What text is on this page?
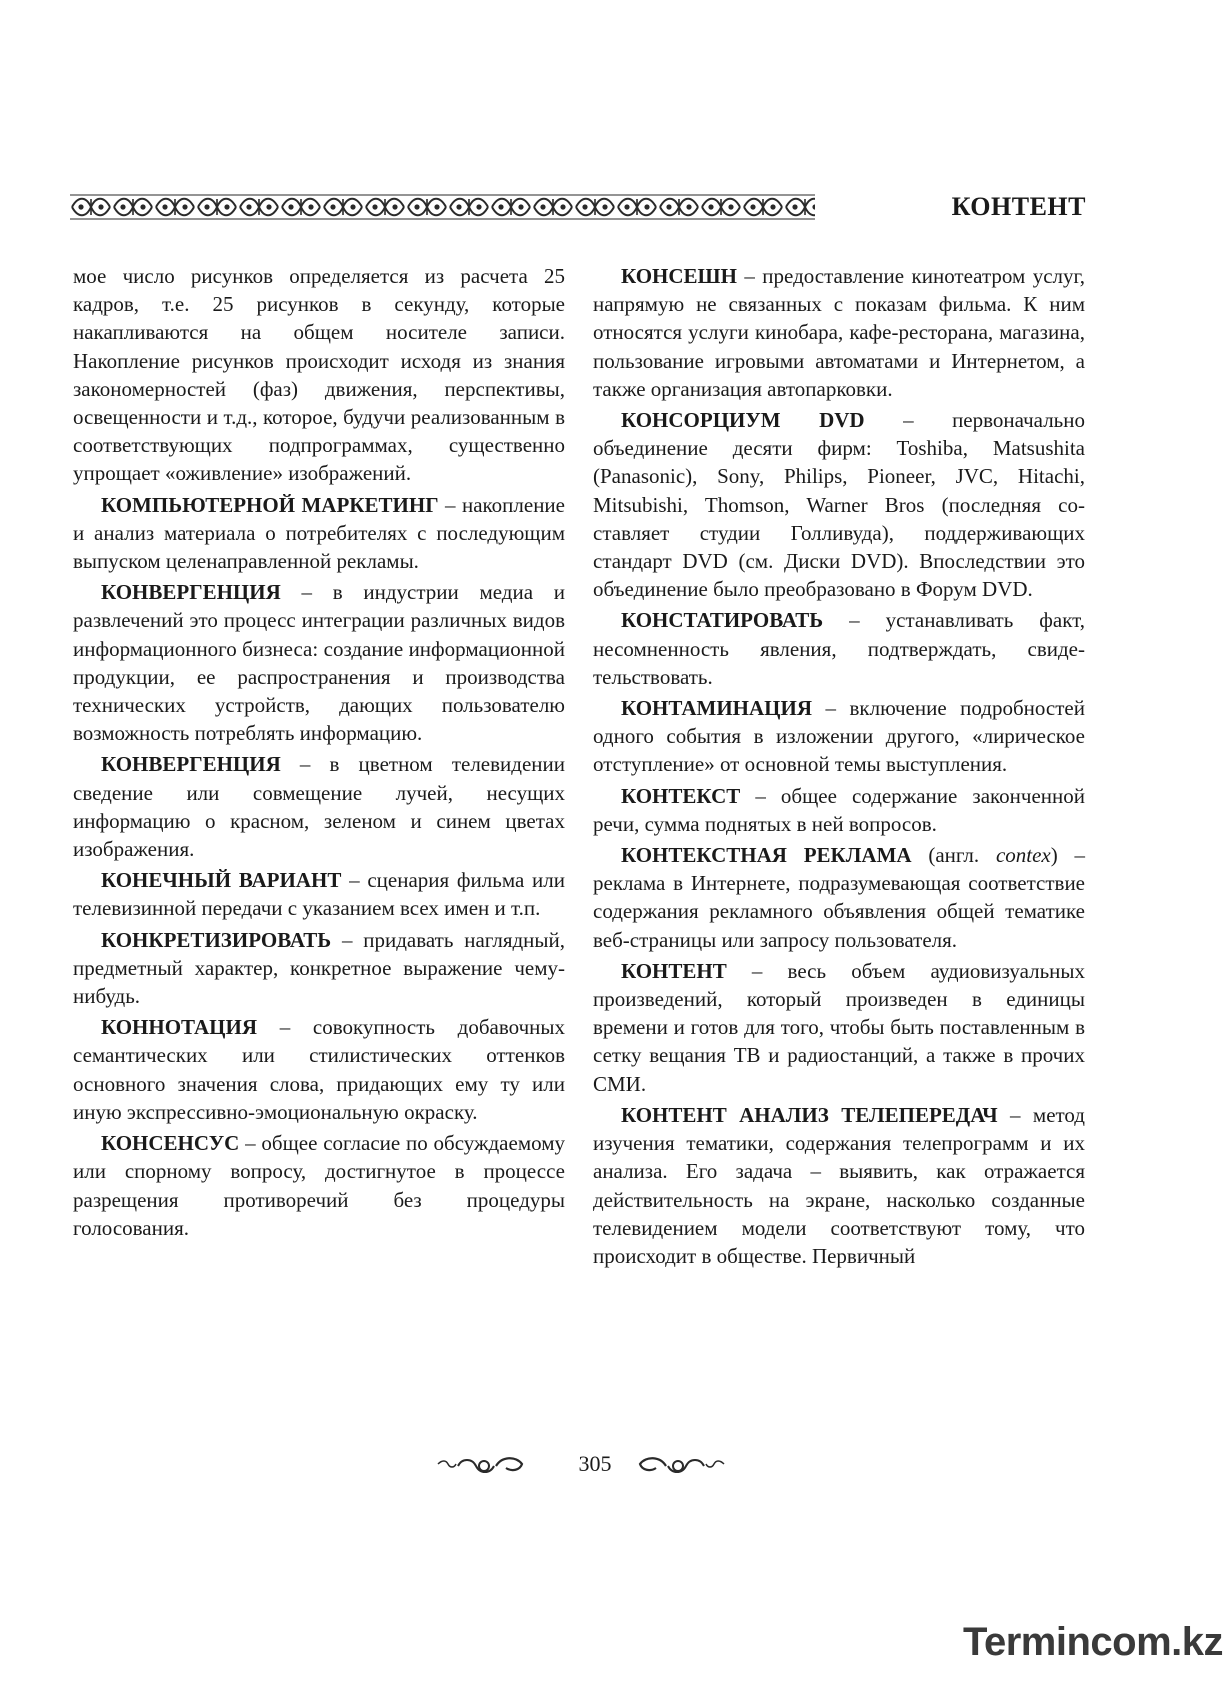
КОНТЕНТ

мое число рисунков определяется из расчета 25 кадров, т.е. 25 рисунков в секунду, которые накапливаются на общем носителе записи. Накопление рисунков происходит исходя из знания закономерностей (фаз) движения, перспективы, освещенности и т.д., которое, будучи реализованным в соответствующих подпрограммах, существенно упрощает «оживление» изображений.

КОМПЬЮТЕРНОЙ МАРКЕТИНГ – накопление и анализ материала о потребителях с последующим выпуском целенаправленной рекламы.

КОНВЕРГЕНЦИЯ – в индустрии медиа и развлечений это процесс интеграции различных видов информационного бизнеса: создание информационной продукции, ее распространения и производства технических устройств, дающих пользователю возможность потреблять информацию.

КОНВЕРГЕНЦИЯ – в цветном телевидении сведение или совмещение лучей, несущих информацию о красном, зеленом и синем цветах изображения.

КОНЕЧНЫЙ ВАРИАНТ – сценария фильма или телевизинной передачи с указанием всех имен и т.п.

КОНКРЕТИЗИРОВАТЬ – придавать наглядный, предметный характер, конкретное выражение чему-нибудь.

КОННОТАЦИЯ – совокупность добавочных семантических или стилистических оттенков основного значения слова, придающих ему ту или иную экспрессивно-эмоциональную окраску.

КОНСЕНСУС – общее согласие по обсуждаемому или спорному вопросу, достигнутое в процессе разрещения противоречий без процедуры голосования.

КОНСЕШН – предоставление кинотеатром услуг, напрямую не связанных с показам фильма. К ним относятся услуги кинобара, кафе-ресторана, магазина, пользование игровыми автоматами и Интернетом, а также организация автопарковки.

КОНСОРЦИУМ DVD – первоначально объединение десяти фирм: Toshiba, Matsushita (Panasonic), Sony, Philips, Pioneer, JVC, Hitachi, Mitsubishi, Thomson, Warner Bros (последняя составляет студии Голливуда), поддерживающих стандарт DVD (см. Диски DVD). Впоследствии это объединение было преобразовано в Форум DVD.

КОНСТАТИРОВАТЬ – устанавливать факт, несомненность явления, подтверждать, свидетельствовать.

КОНТАМИНАЦИЯ – включение подробностей одного события в изложении другого, «лирическое отступление» от основной темы выступления.

КОНТЕКСТ – общее содержание законченной речи, сумма поднятых в ней вопросов.

КОНТЕКСТНАЯ РЕКЛАМА (англ. contex) – реклама в Интернете, подразумевающая соответствие содержания рекламного объявления общей тематике веб-страницы или запросу пользователя.

КОНТЕНТ – весь объем аудиовизуальных произведений, который произведен в единицы времени и готов для того, чтобы быть поставленным в сетку вещания ТВ и радиостанций, а также в прочих СМИ.

КОНТЕНТ АНАЛИЗ ТЕЛЕПЕРЕДАЧ – метод изучения тематики, содержания телепрограмм и их анализа. Его задача – выявить, как отражается действительность на экране, насколько созданные телевидением модели соответствуют тому, что происходит в обществе. Первичный

305
Termincom.kz
